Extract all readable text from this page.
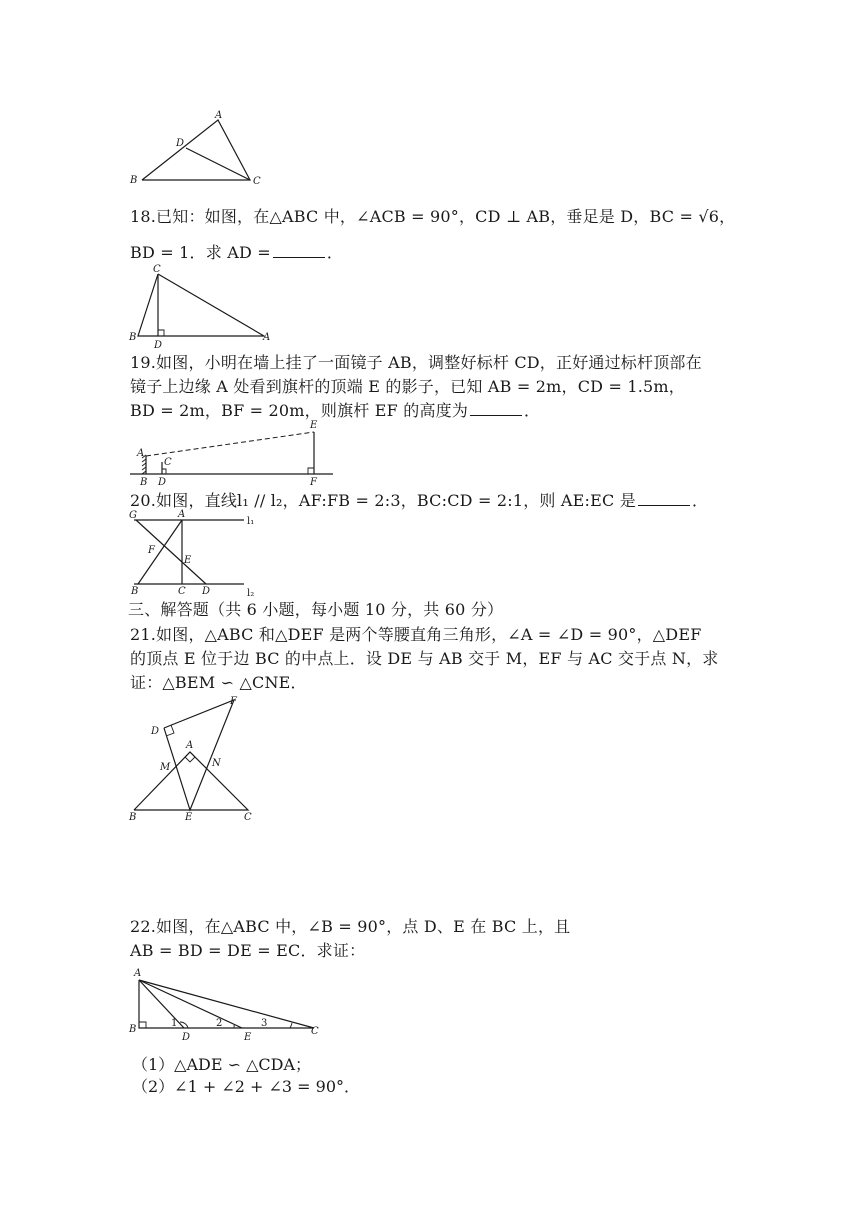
A
B	C
D
18.已知：如图，在△ABC 中，∠ACB = 90°，CD ⊥ AB，垂足是 D，BC = √6，
BD = 1．求 AD =	．
C
B
D
A
19.如图，小明在墙上挂了一面镜子 AB，调整好标杆 CD，正好通过标杆顶部在
镜子上边缘 A 处看到旗杆的顶端 E 的影子，已知 AB = 2m，CD = 1.5m，
BD = 2m，BF = 20m，则旗杆 EF 的高度为	．
A
B
C
D
E
F
20.如图，直线l₁ // l₂，AF:FB = 2:3，BC:CD = 2:1，则 AE:EC 是	．
G	A
F
E
B	C D
l₁
l₂
三、解答题（共 6 小题，每小题 10 分，共 60 分）
21.如图，△ABC 和△DEF 是两个等腰直角三角形，∠A = ∠D = 90°，△DEF
的顶点 E 位于边 BC 的中点上．设 DE 与 AB 交于 M，EF 与 AC 交于点 N，求
证：△BEM ∽ △CNE．
F
D
A
M	N
B	E	C
22.如图，在△ABC 中，∠B = 90°，点 D、E 在 BC 上，且
AB = BD = DE = EC．求证：
A
B
D	E
C
1	2	3
（1）△ADE ∽ △CDA；
（2）∠1 + ∠2 + ∠3 = 90°．
